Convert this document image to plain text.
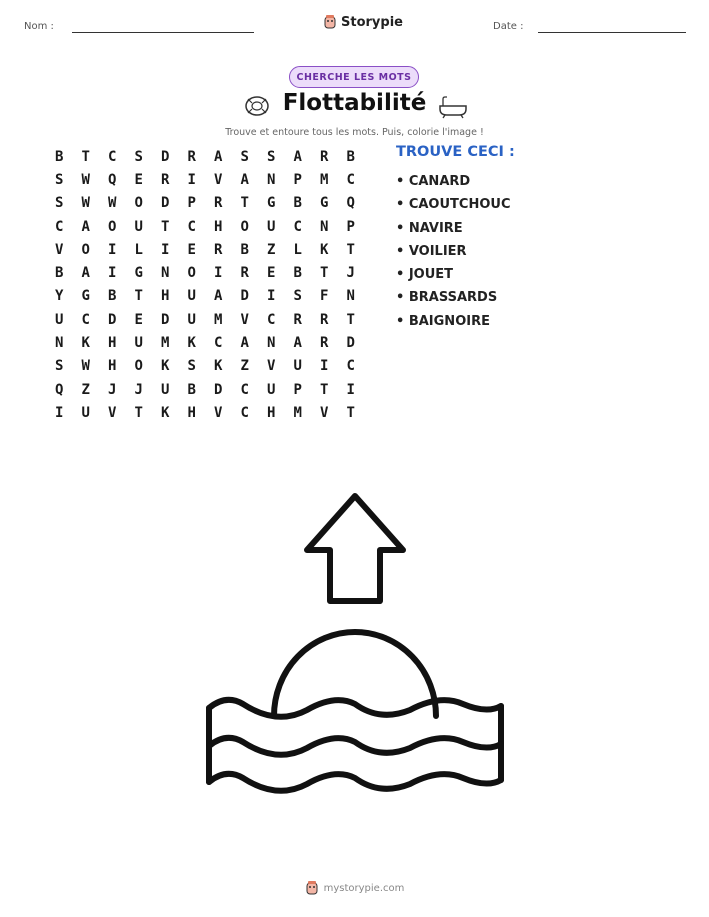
Nom :	Storypie	Date :
CHERCHE LES MOTS
Flottabilité
Trouve et entoure tous les mots. Puis, colorie l'image !
B	T	C	S	D	R	A	S	S	A	R	B
S	W	Q	E	R	I	V	A	N	P	M	C
S	W	W	O	D	P	R	T	G	B	G	Q
C	A	O	U	T	C	H	O	U	C	N	P
V	O	I	L	I	E	R	B	Z	L	K	T
B	A	I	G	N	O	I	R	E	B	T	J
Y	G	B	T	H	U	A	D	I	S	F	N
U	C	D	E	D	U	M	V	C	R	R	T
N	K	H	U	M	K	C	A	N	A	R	D
S	W	H	O	K	S	K	Z	V	U	I	C
Q	Z	J	J	U	B	D	C	U	P	T	I
I	U	V	T	K	H	V	C	H	M	V	T
TROUVE CECI :
• CANARD
• CAOUTCHOUC
• NAVIRE
• VOILIER
• JOUET
• BRASSARDS
• BAIGNOIRE
mystorypie.com
